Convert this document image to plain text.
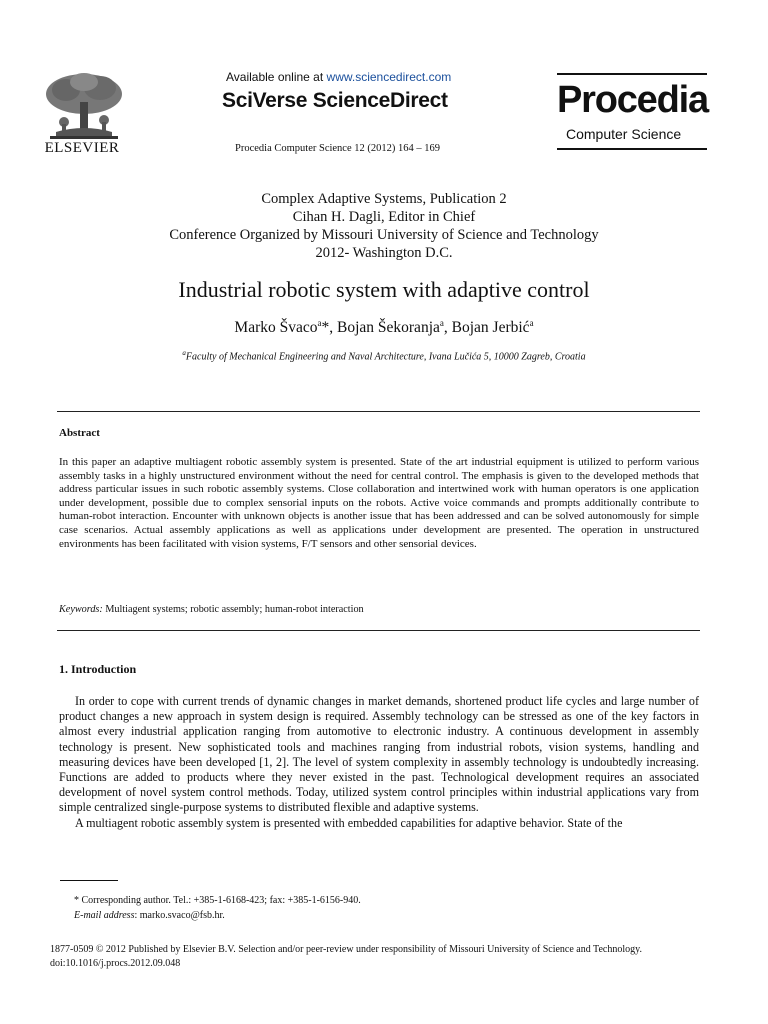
ELSEVIER
Available online at www.sciencedirect.com
SciVerse ScienceDirect
Procedia Computer Science 12 (2012) 164 – 169
Procedia
Computer Science
Complex Adaptive Systems, Publication 2
Cihan H. Dagli, Editor in Chief
Conference Organized by Missouri University of Science and Technology
2012- Washington D.C.
Industrial robotic system with adaptive control
Marko Švaco$^a$*, Bojan Šekoranja$^a$, Bojan Jerbić$^a$
$^a$Faculty of Mechanical Engineering and Naval Architecture, Ivana Lučića 5, 10000 Zagreb, Croatia
Abstract
In this paper an adaptive multiagent robotic assembly system is presented. State of the art industrial equipment is utilized to perform various assembly tasks in a highly unstructured environment without the need for central control. The emphasis is given to the developed methods that address particular issues in such robotic assembly systems. Close collaboration and intertwined work with human operators is one application under development, possible due to complex sensorial inputs on the robots. Active voice commands and prompts additionally contribute to human-robot interaction. Encounter with unknown objects is another issue that has been addressed and can be solved autonomously for simple case scenarios. Actual assembly applications as well as applications under development are presented. The operation in unstructured environments has been facilitated with vision systems, F/T sensors and other sensorial devices.
Keywords: Multiagent systems; robotic assembly; human-robot interaction
1. Introduction

In order to cope with current trends of dynamic changes in market demands, shortened product life cycles and large number of product changes a new approach in system design is required. Assembly technology can be stressed as one of the key factors in almost every industrial application ranging from automotive to electronic industry. A continuous development in assembly technology is present. New sophisticated tools and machines ranging from industrial robots, vision systems, handling and measuring devices have been developed [1, 2]. The level of system complexity in assembly technology is undoubtedly increasing. Functions are added to products where they never existed in the past. Technological development requires an associated development of novel system control methods. Today, utilized system control principles within industrial applications vary from simple centralized single-purpose systems to distributed flexible and adaptive systems.

A multiagent robotic assembly system is presented with embedded capabilities for adaptive behavior. State of the

* Corresponding author. Tel.: +385-1-6168-423; fax: +385-1-6156-940.
E-mail address: marko.svaco@fsb.hr.
1877-0509 © 2012 Published by Elsevier B.V. Selection and/or peer-review under responsibility of Missouri University of Science and Technology.
doi:10.1016/j.procs.2012.09.048
